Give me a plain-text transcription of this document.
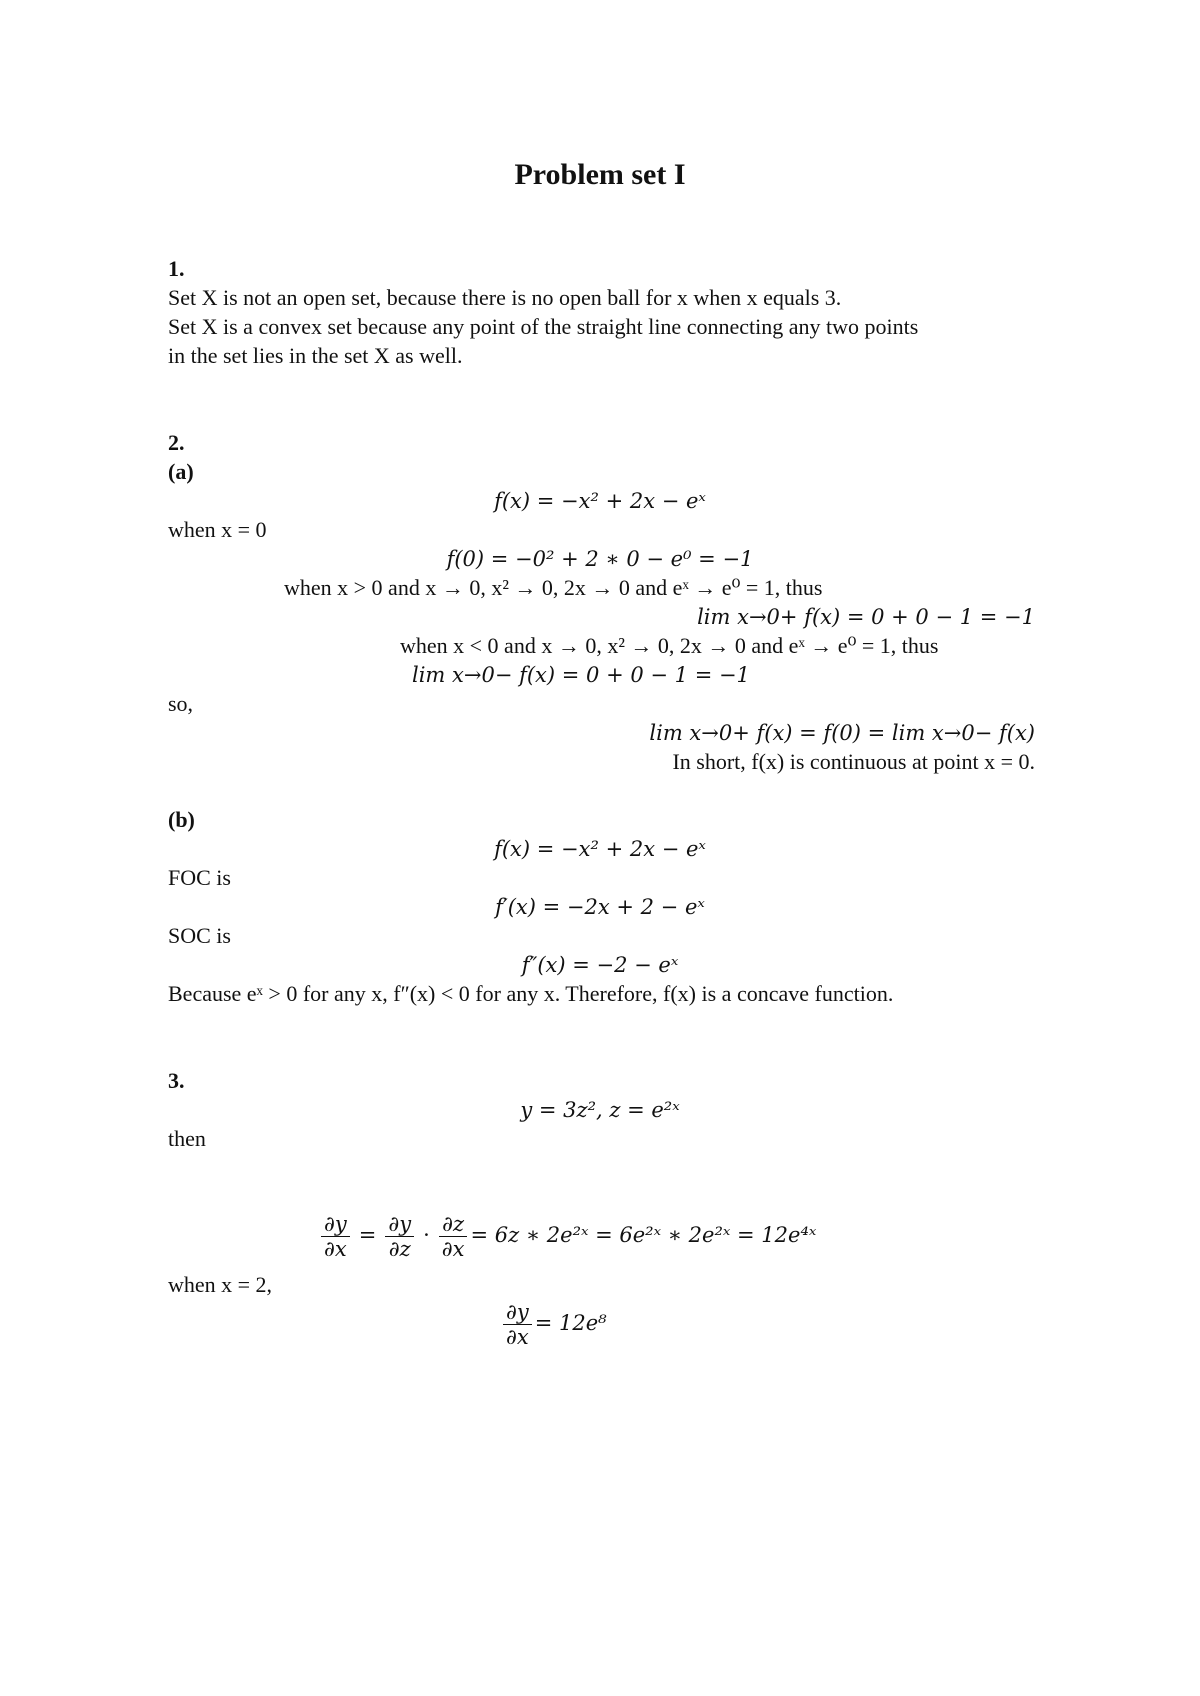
Problem set I
1.
Set X is not an open set, because there is no open ball for x when x equals 3.
Set X is a convex set because any point of the straight line connecting any two points
in the set lies in the set X as well.
2.
(a)
f(x) = −x² + 2x − eˣ
when x = 0
f(0) = −0² + 2 ∗ 0 − e⁰ = −1
when x > 0 and x → 0, x² → 0, 2x → 0 and eˣ → e⁰ = 1, thus
lim x→0+ f(x) = 0 + 0 − 1 = −1
when x < 0 and x → 0, x² → 0, 2x → 0 and eˣ → e⁰ = 1, thus
lim x→0− f(x) = 0 + 0 − 1 = −1
so,
lim x→0+ f(x) = f(0) = lim x→0− f(x)
In short, f(x) is continuous at point x = 0.
(b)
f(x) = −x² + 2x − eˣ
FOC is
f′(x) = −2x + 2 − eˣ
SOC is
f″(x) = −2 − eˣ
Because eˣ > 0 for any x, f″(x) < 0 for any x. Therefore, f(x) is a concave function.
3.
y = 3z², z = e²ˣ
then
$\frac{\partial y}{\partial x} = \frac{\partial y}{\partial z} \cdot \frac{\partial z}{\partial x} = 6z$ ∗ 2e²ˣ = 6e²ˣ ∗ 2e²ˣ = 12e⁴ˣ
when x = 2,
$\frac{\partial y}{\partial x} = 12e^8$
